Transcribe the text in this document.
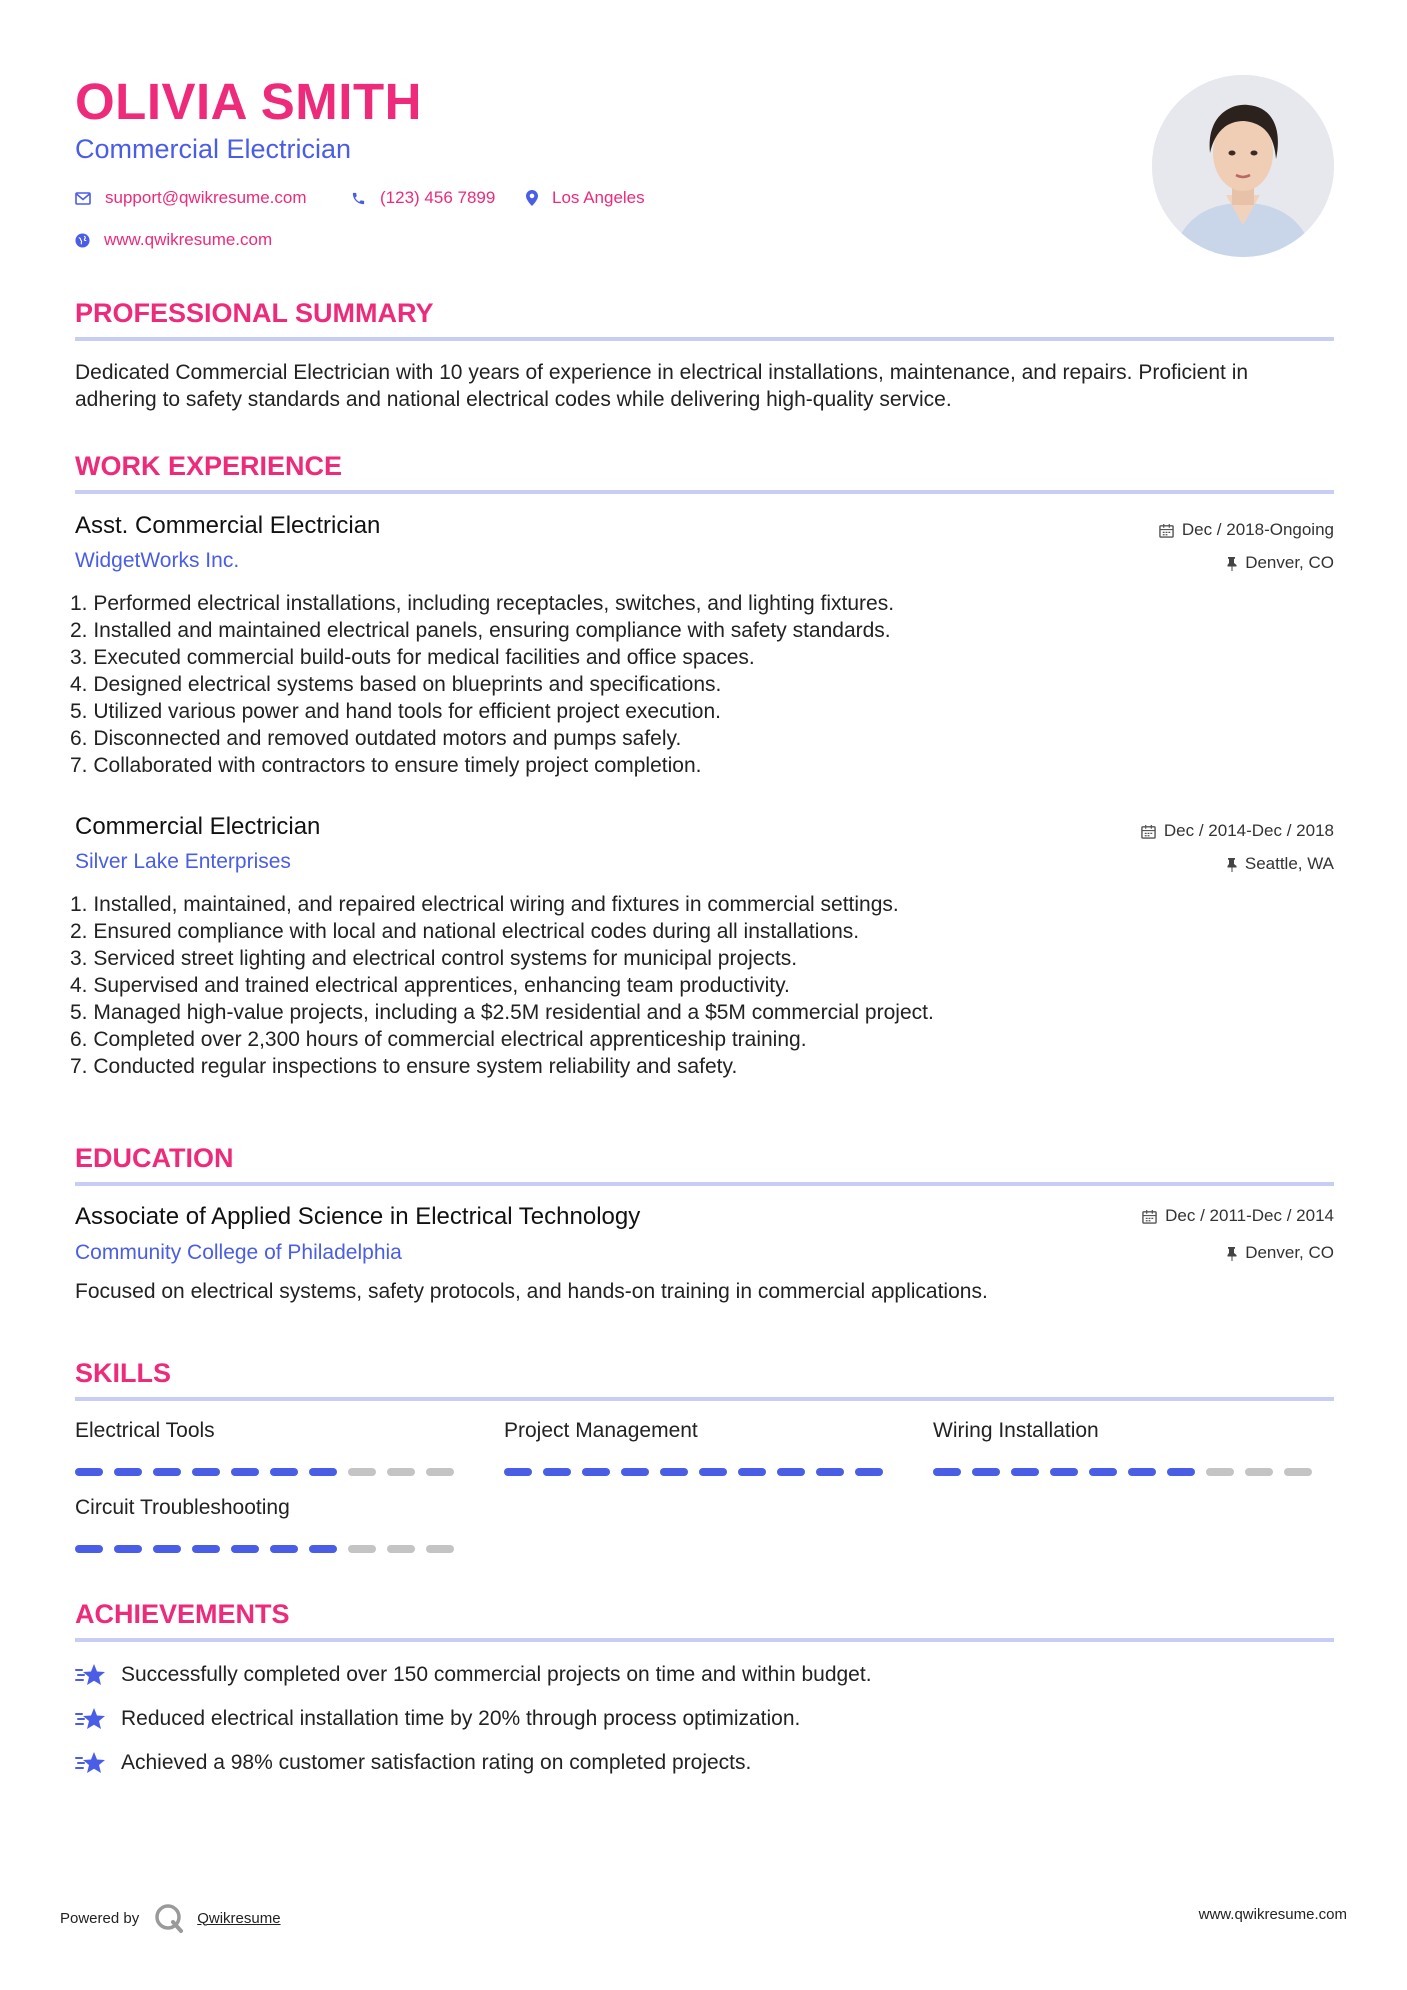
OLIVIA SMITH
Commercial Electrician
support@qwikresume.com	(123) 456 7899	Los Angeles
www.qwikresume.com
PROFESSIONAL SUMMARY
Dedicated Commercial Electrician with 10 years of experience in electrical installations, maintenance, and repairs. Proficient in adhering to safety standards and national electrical codes while delivering high-quality service.
WORK EXPERIENCE
Asst. Commercial Electrician
WidgetWorks Inc.
Dec / 2018-Ongoing
Denver, CO
1. Performed electrical installations, including receptacles, switches, and lighting fixtures.
2. Installed and maintained electrical panels, ensuring compliance with safety standards.
3. Executed commercial build-outs for medical facilities and office spaces.
4. Designed electrical systems based on blueprints and specifications.
5. Utilized various power and hand tools for efficient project execution.
6. Disconnected and removed outdated motors and pumps safely.
7. Collaborated with contractors to ensure timely project completion.
Commercial Electrician
Silver Lake Enterprises
Dec / 2014-Dec / 2018
Seattle, WA
1. Installed, maintained, and repaired electrical wiring and fixtures in commercial settings.
2. Ensured compliance with local and national electrical codes during all installations.
3. Serviced street lighting and electrical control systems for municipal projects.
4. Supervised and trained electrical apprentices, enhancing team productivity.
5. Managed high-value projects, including a $2.5M residential and a $5M commercial project.
6. Completed over 2,300 hours of commercial electrical apprenticeship training.
7. Conducted regular inspections to ensure system reliability and safety.
EDUCATION
Associate of Applied Science in Electrical Technology
Community College of Philadelphia
Dec / 2011-Dec / 2014
Denver, CO
Focused on electrical systems, safety protocols, and hands-on training in commercial applications.
SKILLS
Electrical Tools	Project Management	Wiring Installation
Circuit Troubleshooting
ACHIEVEMENTS
Successfully completed over 150 commercial projects on time and within budget.
Reduced electrical installation time by 20% through process optimization.
Achieved a 98% customer satisfaction rating on completed projects.
Powered by	Qwikresume	www.qwikresume.com
